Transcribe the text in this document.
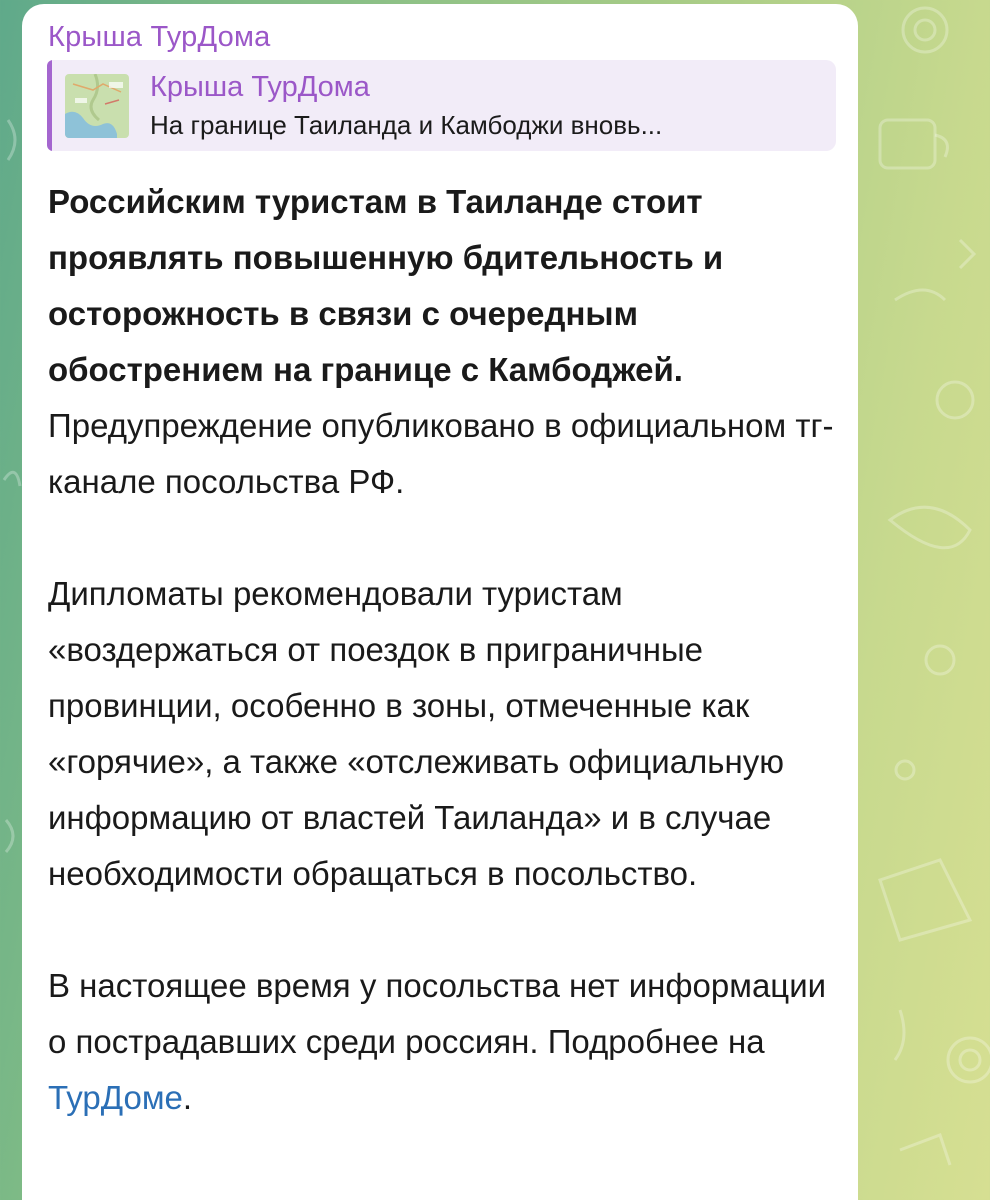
Крыша ТурДома
Крыша ТурДома
На границе Таиланда и Камбоджи вновь...

Российским туристам в Таиланде стоит проявлять повышенную бдительность и осторожность в связи с очередным обострением на границе с Камбоджей. Предупреждение опубликовано в официальном тг-канале посольства РФ.

Дипломаты рекомендовали туристам «воздержаться от поездок в приграничные провинции, особенно в зоны, отмеченные как «горячие», а также «отслеживать официальную информацию от властей Таиланда» и в случае необходимости обращаться в посольство.

В настоящее время у посольства нет информации о пострадавших среди россиян. Подробнее на ТурДоме.
